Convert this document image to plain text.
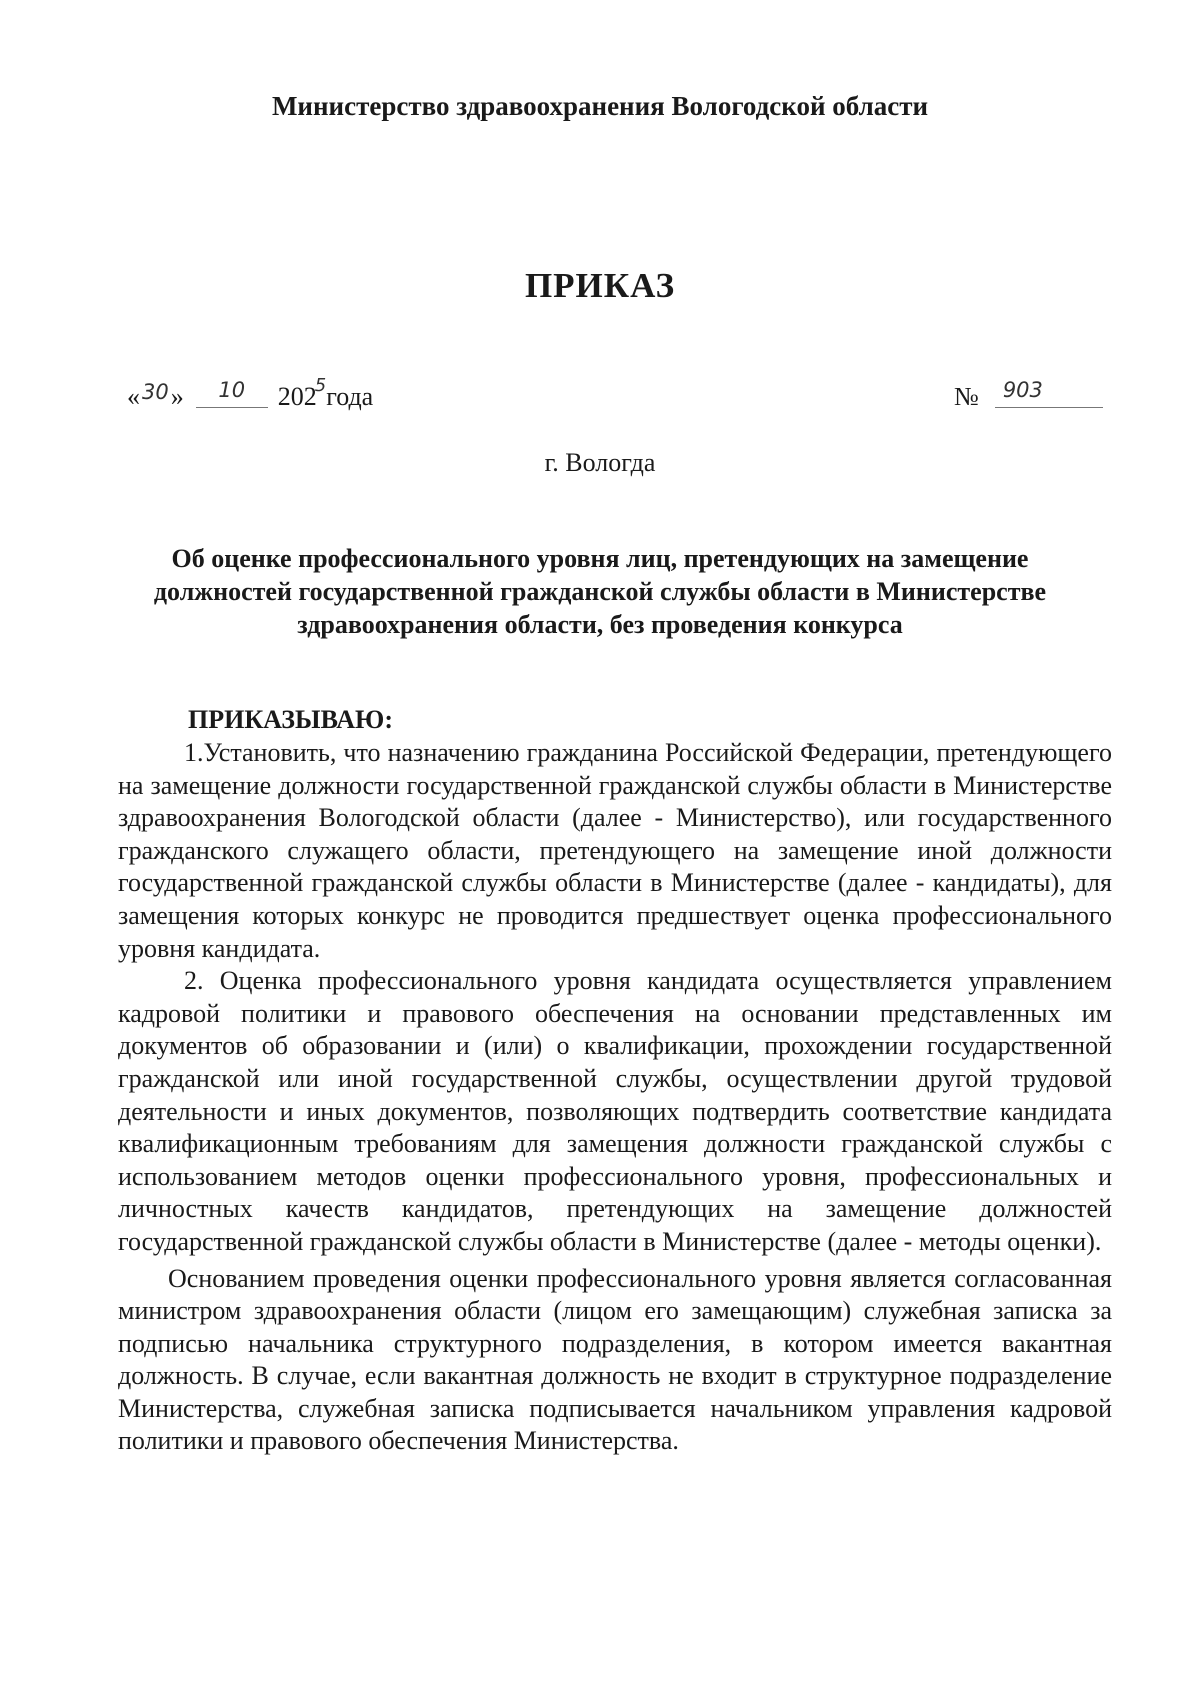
Министерство здравоохранения Вологодской области
ПРИКАЗ
«30» 10 2025года	№ 903
г. Вологда
Об оценке профессионального уровня лиц, претендующих на замещение должностей государственной гражданской службы области в Министерстве здравоохранения области, без проведения конкурса
ПРИКАЗЫВАЮ:

1.Установить, что назначению гражданина Российской Федерации, претендующего на замещение должности государственной гражданской службы области в Министерстве здравоохранения Вологодской области (далее - Министерство), или государственного гражданского служащего области, претендующего на замещение иной должности государственной гражданской службы области в Министерстве (далее - кандидаты), для замещения которых конкурс не проводится предшествует оценка профессионального уровня кандидата.

2. Оценка профессионального уровня кандидата осуществляется управлением кадровой политики и правового обеспечения на основании представленных им документов об образовании и (или) о квалификации, прохождении государственной гражданской или иной государственной службы, осуществлении другой трудовой деятельности и иных документов, позволяющих подтвердить соответствие кандидата квалификационным требованиям для замещения должности гражданской службы с использованием методов оценки профессионального уровня, профессиональных и личностных качеств кандидатов, претендующих на замещение должностей государственной гражданской службы области в Министерстве (далее - методы оценки).

Основанием проведения оценки профессионального уровня является согласованная министром здравоохранения области (лицом его замещающим) служебная записка за подписью начальника структурного подразделения, в котором имеется вакантная должность. В случае, если вакантная должность не входит в структурное подразделение Министерства, служебная записка подписывается начальником управления кадровой политики и правового обеспечения Министерства.
